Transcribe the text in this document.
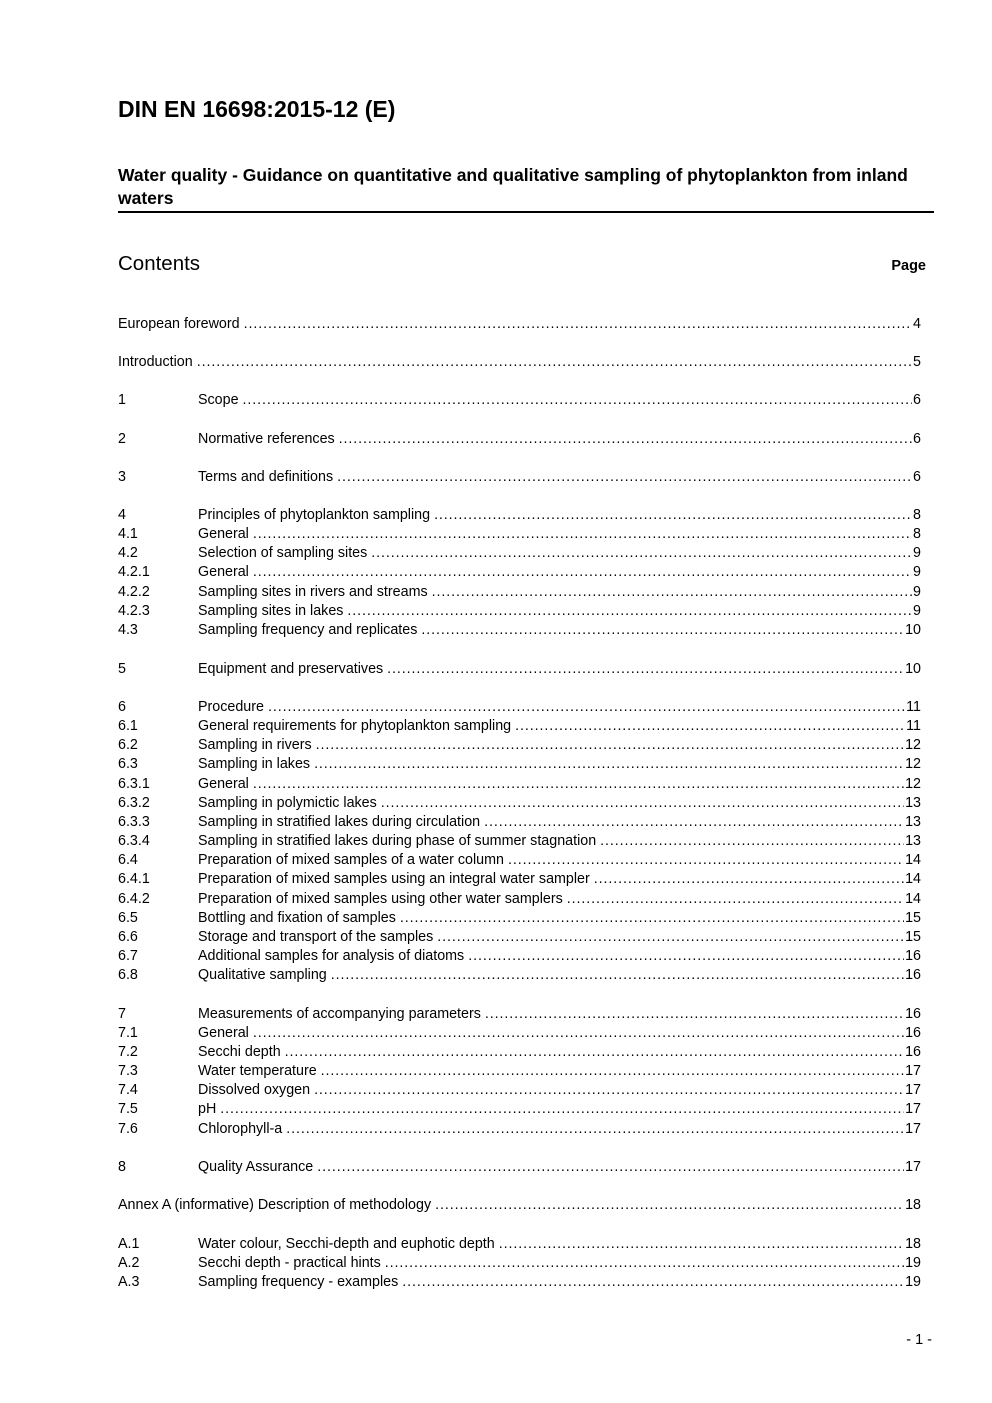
DIN EN 16698:2015-12 (E)
Water quality - Guidance on quantitative and qualitative sampling of phytoplankton from inland waters
Contents	Page
European foreword .....	4
Introduction .....	5
1	Scope .....	6
2	Normative references .....	6
3	Terms and definitions .....	6
4	Principles of phytoplankton sampling .....	8
4.1	General .....	8
4.2	Selection of sampling sites .....	9
4.2.1	General .....	9
4.2.2	Sampling sites in rivers and streams .....	9
4.2.3	Sampling sites in lakes .....	9
4.3	Sampling frequency and replicates .....	10
5	Equipment and preservatives .....	10
6	Procedure .....	11
6.1	General requirements for phytoplankton sampling .....	11
6.2	Sampling in rivers .....	12
6.3	Sampling in lakes .....	12
6.3.1	General .....	12
6.3.2	Sampling in polymictic lakes .....	13
6.3.3	Sampling in stratified lakes during circulation .....	13
6.3.4	Sampling in stratified lakes during phase of summer stagnation .....	13
6.4	Preparation of mixed samples of a water column .....	14
6.4.1	Preparation of mixed samples using an integral water sampler .....	14
6.4.2	Preparation of mixed samples using other water samplers .....	14
6.5	Bottling and fixation of samples .....	15
6.6	Storage and transport of the samples .....	15
6.7	Additional samples for analysis of diatoms .....	16
6.8	Qualitative sampling .....	16
7	Measurements of accompanying parameters .....	16
7.1	General .....	16
7.2	Secchi depth .....	16
7.3	Water temperature .....	17
7.4	Dissolved oxygen .....	17
7.5	pH .....	17
7.6	Chlorophyll-a .....	17
8	Quality Assurance .....	17
Annex A (informative) Description of methodology .....	18
A.1	Water colour, Secchi-depth and euphotic depth .....	18
A.2	Secchi depth - practical hints .....	19
A.3	Sampling frequency - examples .....	19
- 1 -
